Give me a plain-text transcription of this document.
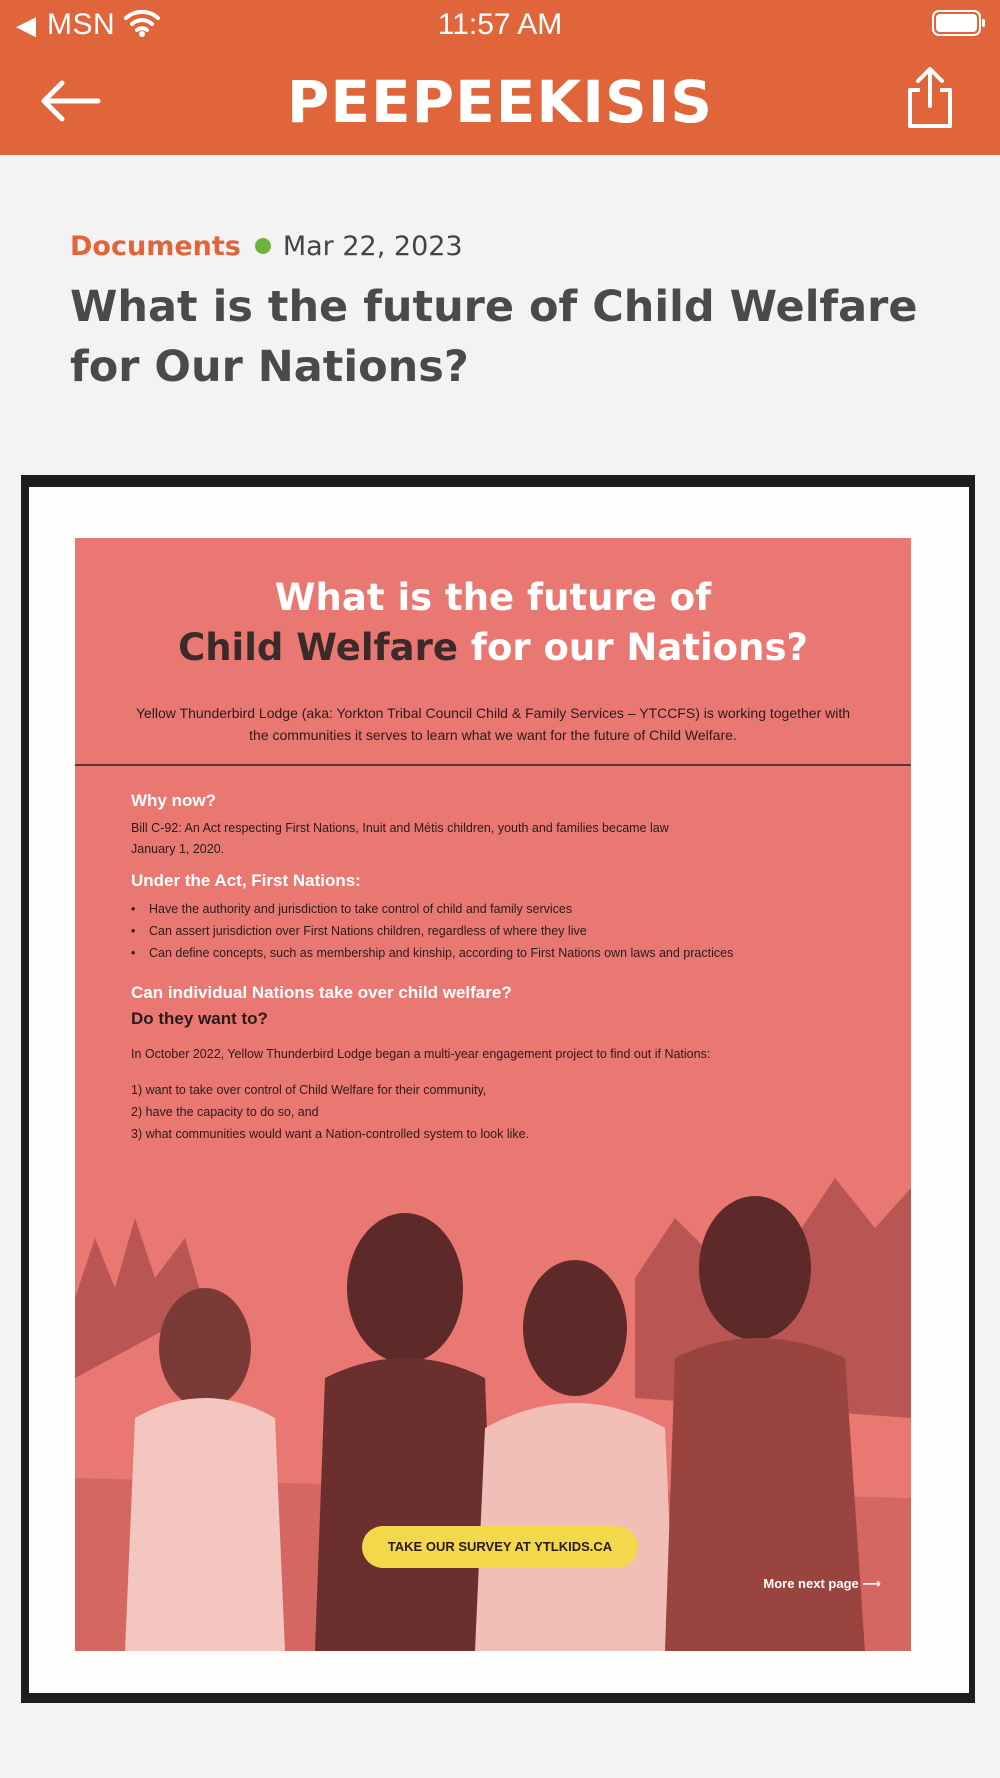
◀ MSN	11:57 AM
PEEPEEKISIS
Documents Mar 22, 2023
What is the future of Child Welfare for Our Nations?
What is the future of
Child Welfare for our Nations?
Yellow Thunderbird Lodge (aka: Yorkton Tribal Council Child & Family Services – YTCCFS) is working together with the communities it serves to learn what we want for the future of Child Welfare.
Why now?
Bill C-92: An Act respecting First Nations, Inuit and Métis children, youth and families became law January 1, 2020.
Under the Act, First Nations:
• Have the authority and jurisdiction to take control of child and family services
• Can assert jurisdiction over First Nations children, regardless of where they live
• Can define concepts, such as membership and kinship, according to First Nations own laws and practices
Can individual Nations take over child welfare?
Do they want to?
In October 2022, Yellow Thunderbird Lodge began a multi-year engagement project to find out if Nations:
1) want to take over control of Child Welfare for their community,
2) have the capacity to do so, and
3) what communities would want a Nation-controlled system to look like.
TAKE OUR SURVEY AT YTLKIDS.CA
More next page ⟶
